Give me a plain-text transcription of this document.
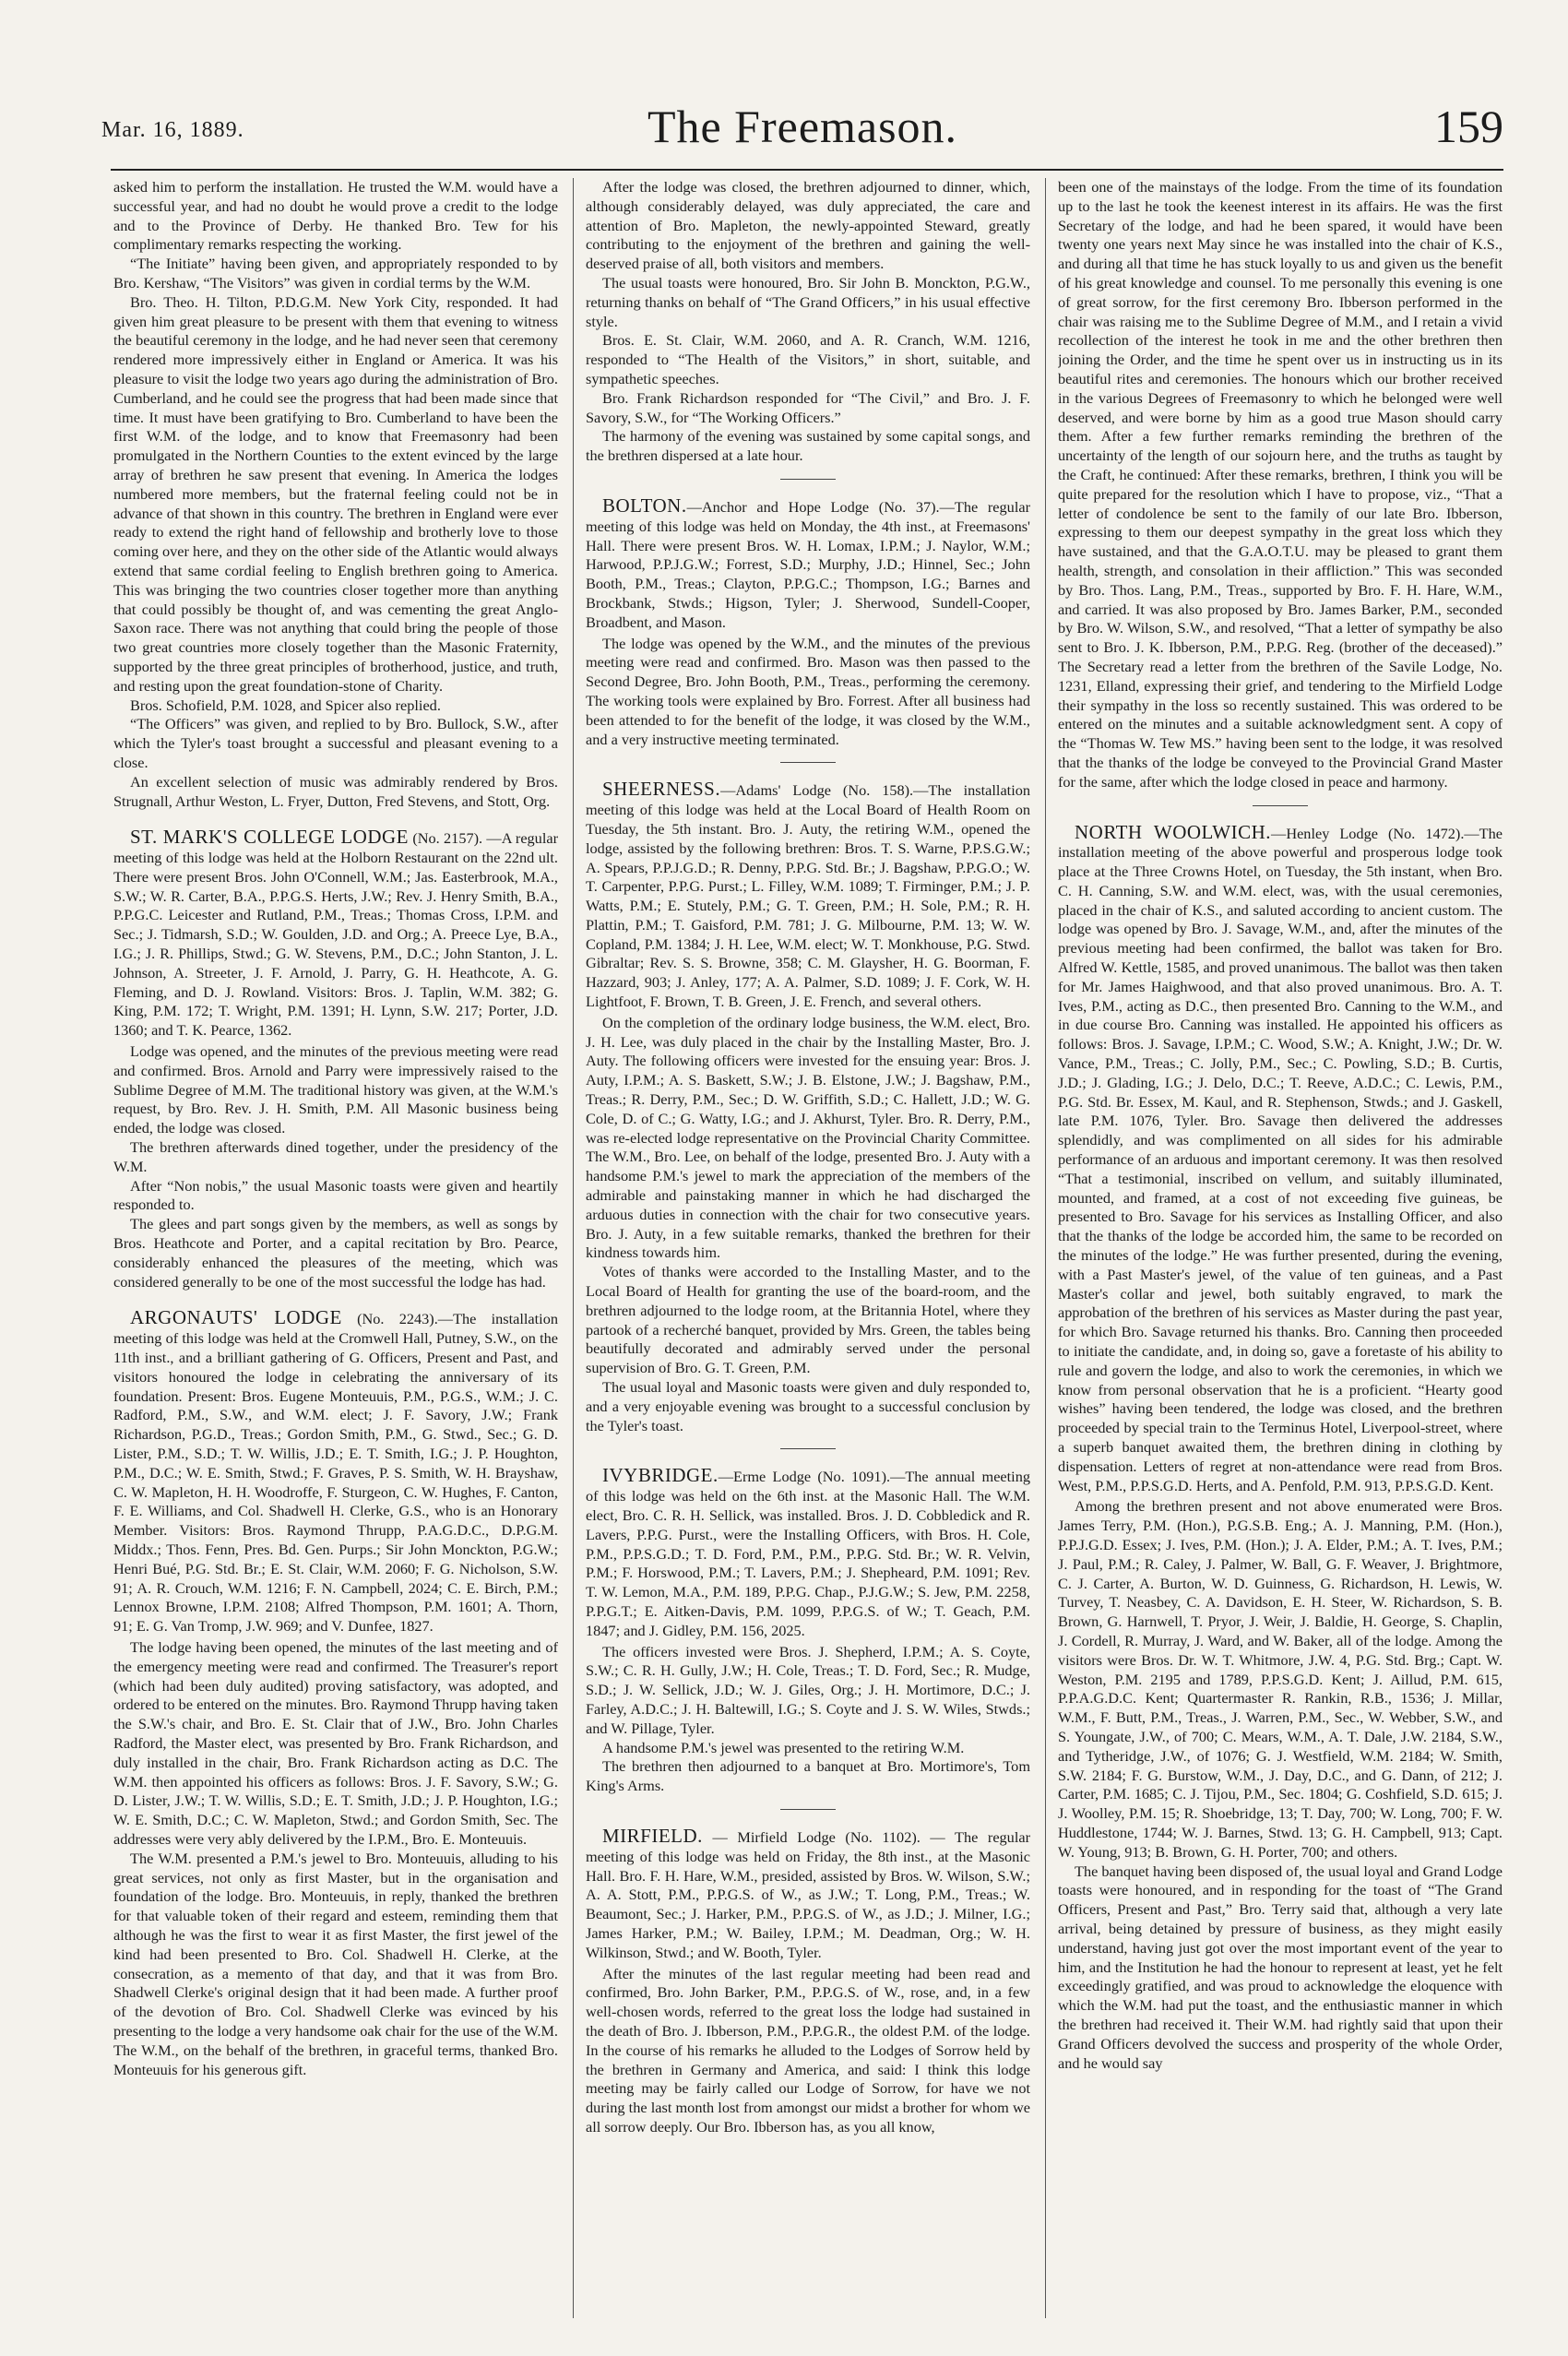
Mar. 16, 1889.	The Freemason.	159

asked him to perform the installation. He trusted the W.M. would have a successful year, and had no doubt he would prove a credit to the lodge and to the Province of Derby. He thanked Bro. Tew for his complimentary remarks respecting the working.

“The Initiate” having been given, and appropriately responded to by Bro. Kershaw, “The Visitors” was given in cordial terms by the W.M.

Bro. Theo. H. Tilton, P.D.G.M. New York City, responded. It had given him great pleasure to be present with them that evening to witness the beautiful ceremony in the lodge, and he had never seen that ceremony rendered more impressively either in England or America. It was his pleasure to visit the lodge two years ago during the administration of Bro. Cumberland, and he could see the progress that had been made since that time. It must have been gratifying to Bro. Cumberland to have been the first W.M. of the lodge, and to know that Freemasonry had been promulgated in the Northern Counties to the extent evinced by the large array of brethren he saw present that evening. In America the lodges numbered more members, but the fraternal feeling could not be in advance of that shown in this country. The brethren in England were ever ready to extend the right hand of fellowship and brotherly love to those coming over here, and they on the other side of the Atlantic would always extend that same cordial feeling to English brethren going to America. This was bringing the two countries closer together more than anything that could possibly be thought of, and was cementing the great Anglo-Saxon race. There was not anything that could bring the people of those two great countries more closely together than the Masonic Fraternity, supported by the three great principles of brotherhood, justice, and truth, and resting upon the great foundation-stone of Charity.

Bros. Schofield, P.M. 1028, and Spicer also replied.

“The Officers” was given, and replied to by Bro. Bullock, S.W., after which the Tyler's toast brought a successful and pleasant evening to a close.

An excellent selection of music was admirably rendered by Bros. Strugnall, Arthur Weston, L. Fryer, Dutton, Fred Stevens, and Stott, Org.

ST. MARK'S COLLEGE LODGE (No. 2157). —A regular meeting of this lodge was held at the Holborn Restaurant on the 22nd ult. There were present Bros. John O'Connell, W.M.; Jas. Easterbrook, M.A., S.W.; W. R. Carter, B.A., P.P.G.S. Herts, J.W.; Rev. J. Henry Smith, B.A., P.P.G.C. Leicester and Rutland, P.M., Treas.; Thomas Cross, I.P.M. and Sec.; J. Tidmarsh, S.D.; W. Goulden, J.D. and Org.; A. Preece Lye, B.A., I.G.; J. R. Phillips, Stwd.; G. W. Stevens, P.M., D.C.; John Stanton, J. L. Johnson, A. Streeter, J. F. Arnold, J. Parry, G. H. Heathcote, A. G. Fleming, and D. J. Rowland. Visitors: Bros. J. Taplin, W.M. 382; G. King, P.M. 172; T. Wright, P.M. 1391; H. Lynn, S.W. 217; Porter, J.D. 1360; and T. K. Pearce, 1362.

Lodge was opened, and the minutes of the previous meeting were read and confirmed. Bros. Arnold and Parry were impressively raised to the Sublime Degree of M.M. The traditional history was given, at the W.M.'s request, by Bro. Rev. J. H. Smith, P.M. All Masonic business being ended, the lodge was closed.

The brethren afterwards dined together, under the presidency of the W.M.

After “Non nobis,” the usual Masonic toasts were given and heartily responded to.

The glees and part songs given by the members, as well as songs by Bros. Heathcote and Porter, and a capital recitation by Bro. Pearce, considerably enhanced the pleasures of the meeting, which was considered generally to be one of the most successful the lodge has had.

ARGONAUTS' LODGE (No. 2243).—The installation meeting of this lodge was held at the Cromwell Hall, Putney, S.W., on the 11th inst., and a brilliant gathering of G. Officers, Present and Past, and visitors honoured the lodge in celebrating the anniversary of its foundation. Present: Bros. Eugene Monteuuis, P.M., P.G.S., W.M.; J. C. Radford, P.M., S.W., and W.M. elect; J. F. Savory, J.W.; Frank Richardson, P.G.D., Treas.; Gordon Smith, P.M., G. Stwd., Sec.; G. D. Lister, P.M., S.D.; T. W. Willis, J.D.; E. T. Smith, I.G.; J. P. Houghton, P.M., D.C.; W. E. Smith, Stwd.; F. Graves, P. S. Smith, W. H. Brayshaw, C. W. Mapleton, H. H. Woodroffe, F. Sturgeon, C. W. Hughes, F. Canton, F. E. Williams, and Col. Shadwell H. Clerke, G.S., who is an Honorary Member. Visitors: Bros. Raymond Thrupp, P.A.G.D.C., D.P.G.M. Middx.; Thos. Fenn, Pres. Bd. Gen. Purps.; Sir John Monckton, P.G.W.; Henri Bué, P.G. Std. Br.; E. St. Clair, W.M. 2060; F. G. Nicholson, S.W. 91; A. R. Crouch, W.M. 1216; F. N. Campbell, 2024; C. E. Birch, P.M.; Lennox Browne, I.P.M. 2108; Alfred Thompson, P.M. 1601; A. Thorn, 91; E. G. Van Tromp, J.W. 969; and V. Dunfee, 1827.

The lodge having been opened, the minutes of the last meeting and of the emergency meeting were read and confirmed. The Treasurer's report (which had been duly audited) proving satisfactory, was adopted, and ordered to be entered on the minutes. Bro. Raymond Thrupp having taken the S.W.'s chair, and Bro. E. St. Clair that of J.W., Bro. John Charles Radford, the Master elect, was presented by Bro. Frank Richardson, and duly installed in the chair, Bro. Frank Richardson acting as D.C. The W.M. then appointed his officers as follows: Bros. J. F. Savory, S.W.; G. D. Lister, J.W.; T. W. Willis, S.D.; E. T. Smith, J.D.; J. P. Houghton, I.G.; W. E. Smith, D.C.; C. W. Mapleton, Stwd.; and Gordon Smith, Sec. The addresses were very ably delivered by the I.P.M., Bro. E. Monteuuis.

The W.M. presented a P.M.'s jewel to Bro. Monteuuis, alluding to his great services, not only as first Master, but in the organisation and foundation of the lodge. Bro. Monteuuis, in reply, thanked the brethren for that valuable token of their regard and esteem, reminding them that although he was the first to wear it as first Master, the first jewel of the kind had been presented to Bro. Col. Shadwell H. Clerke, at the consecration, as a memento of that day, and that it was from Bro. Shadwell Clerke's original design that it had been made. A further proof of the devotion of Bro. Col. Shadwell Clerke was evinced by his presenting to the lodge a very handsome oak chair for the use of the W.M. The W.M., on the behalf of the brethren, in graceful terms, thanked Bro. Monteuuis for his generous gift.

After the lodge was closed, the brethren adjourned to dinner, which, although considerably delayed, was duly appreciated, the care and attention of Bro. Mapleton, the newly-appointed Steward, greatly contributing to the enjoyment of the brethren and gaining the well-deserved praise of all, both visitors and members.

The usual toasts were honoured, Bro. Sir John B. Monckton, P.G.W., returning thanks on behalf of “The Grand Officers,” in his usual effective style.

Bros. E. St. Clair, W.M. 2060, and A. R. Cranch, W.M. 1216, responded to “The Health of the Visitors,” in short, suitable, and sympathetic speeches.

Bro. Frank Richardson responded for “The Civil,” and Bro. J. F. Savory, S.W., for “The Working Officers.”

The harmony of the evening was sustained by some capital songs, and the brethren dispersed at a late hour.

BOLTON.—Anchor and Hope Lodge (No. 37).—The regular meeting of this lodge was held on Monday, the 4th inst., at Freemasons' Hall. There were present Bros. W. H. Lomax, I.P.M.; J. Naylor, W.M.; Harwood, P.P.J.G.W.; Forrest, S.D.; Murphy, J.D.; Hinnel, Sec.; John Booth, P.M., Treas.; Clayton, P.P.G.C.; Thompson, I.G.; Barnes and Brockbank, Stwds.; Higson, Tyler; J. Sherwood, Sundell-Cooper, Broadbent, and Mason.

The lodge was opened by the W.M., and the minutes of the previous meeting were read and confirmed. Bro. Mason was then passed to the Second Degree, Bro. John Booth, P.M., Treas., performing the ceremony. The working tools were explained by Bro. Forrest. After all business had been attended to for the benefit of the lodge, it was closed by the W.M., and a very instructive meeting terminated.

SHEERNESS.—Adams' Lodge (No. 158).—The installation meeting of this lodge was held at the Local Board of Health Room on Tuesday, the 5th instant. Bro. J. Auty, the retiring W.M., opened the lodge, assisted by the following brethren: Bros. T. S. Warne, P.P.S.G.W.; A. Spears, P.P.J.G.D.; R. Denny, P.P.G. Std. Br.; J. Bagshaw, P.P.G.O.; W. T. Carpenter, P.P.G. Purst.; L. Filley, W.M. 1089; T. Firminger, P.M.; J. P. Watts, P.M.; E. Stutely, P.M.; G. T. Green, P.M.; H. Sole, P.M.; R. H. Plattin, P.M.; T. Gaisford, P.M. 781; J. G. Milbourne, P.M. 13; W. W. Copland, P.M. 1384; J. H. Lee, W.M. elect; W. T. Monkhouse, P.G. Stwd. Gibraltar; Rev. S. S. Browne, 358; C. M. Glaysher, H. G. Boorman, F. Hazzard, 903; J. Anley, 177; A. A. Palmer, S.D. 1089; J. F. Cork, W. H. Lightfoot, F. Brown, T. B. Green, J. E. French, and several others.

On the completion of the ordinary lodge business, the W.M. elect, Bro. J. H. Lee, was duly placed in the chair by the Installing Master, Bro. J. Auty. The following officers were invested for the ensuing year: Bros. J. Auty, I.P.M.; A. S. Baskett, S.W.; J. B. Elstone, J.W.; J. Bagshaw, P.M., Treas.; R. Derry, P.M., Sec.; D. W. Griffith, S.D.; C. Hallett, J.D.; W. G. Cole, D. of C.; G. Watty, I.G.; and J. Akhurst, Tyler. Bro. R. Derry, P.M., was re-elected lodge representative on the Provincial Charity Committee. The W.M., Bro. Lee, on behalf of the lodge, presented Bro. J. Auty with a handsome P.M.'s jewel to mark the appreciation of the members of the admirable and painstaking manner in which he had discharged the arduous duties in connection with the chair for two consecutive years. Bro. J. Auty, in a few suitable remarks, thanked the brethren for their kindness towards him.

Votes of thanks were accorded to the Installing Master, and to the Local Board of Health for granting the use of the board-room, and the brethren adjourned to the lodge room, at the Britannia Hotel, where they partook of a recherché banquet, provided by Mrs. Green, the tables being beautifully decorated and admirably served under the personal supervision of Bro. G. T. Green, P.M.

The usual loyal and Masonic toasts were given and duly responded to, and a very enjoyable evening was brought to a successful conclusion by the Tyler's toast.

IVYBRIDGE.—Erme Lodge (No. 1091).—The annual meeting of this lodge was held on the 6th inst. at the Masonic Hall. The W.M. elect, Bro. C. R. H. Sellick, was installed. Bros. J. D. Cobbledick and R. Lavers, P.P.G. Purst., were the Installing Officers, with Bros. H. Cole, P.M., P.P.S.G.D.; T. D. Ford, P.M., P.M., P.P.G. Std. Br.; W. R. Velvin, P.M.; F. Horswood, P.M.; T. Lavers, P.M.; J. Shepheard, P.M. 1091; Rev. T. W. Lemon, M.A., P.M. 189, P.P.G. Chap., P.J.G.W.; S. Jew, P.M. 2258, P.P.G.T.; E. Aitken-Davis, P.M. 1099, P.P.G.S. of W.; T. Geach, P.M. 1847; and J. Gidley, P.M. 156, 2025.

The officers invested were Bros. J. Shepherd, I.P.M.; A. S. Coyte, S.W.; C. R. H. Gully, J.W.; H. Cole, Treas.; T. D. Ford, Sec.; R. Mudge, S.D.; J. W. Sellick, J.D.; W. J. Giles, Org.; J. H. Mortimore, D.C.; J. Farley, A.D.C.; J. H. Baltewill, I.G.; S. Coyte and J. S. W. Wiles, Stwds.; and W. Pillage, Tyler.

A handsome P.M.'s jewel was presented to the retiring W.M.

The brethren then adjourned to a banquet at Bro. Mortimore's, Tom King's Arms.

MIRFIELD. — Mirfield Lodge (No. 1102). — The regular meeting of this lodge was held on Friday, the 8th inst., at the Masonic Hall. Bro. F. H. Hare, W.M., presided, assisted by Bros. W. Wilson, S.W.; A. A. Stott, P.M., P.P.G.S. of W., as J.W.; T. Long, P.M., Treas.; W. Beaumont, Sec.; J. Harker, P.M., P.P.G.S. of W., as J.D.; J. Milner, I.G.; James Harker, P.M.; W. Bailey, I.P.M.; M. Deadman, Org.; W. H. Wilkinson, Stwd.; and W. Booth, Tyler.

After the minutes of the last regular meeting had been read and confirmed, Bro. John Barker, P.M., P.P.G.S. of W., rose, and, in a few well-chosen words, referred to the great loss the lodge had sustained in the death of Bro. J. Ibberson, P.M., P.P.G.R., the oldest P.M. of the lodge. In the course of his remarks he alluded to the Lodges of Sorrow held by the brethren in Germany and America, and said: I think this lodge meeting may be fairly called our Lodge of Sorrow, for have we not during the last month lost from amongst our midst a brother for whom we all sorrow deeply. Our Bro. Ibberson has, as you all know,

been one of the mainstays of the lodge. From the time of its foundation up to the last he took the keenest interest in its affairs. He was the first Secretary of the lodge, and had he been spared, it would have been twenty one years next May since he was installed into the chair of K.S., and during all that time he has stuck loyally to us and given us the benefit of his great knowledge and counsel. To me personally this evening is one of great sorrow, for the first ceremony Bro. Ibberson performed in the chair was raising me to the Sublime Degree of M.M., and I retain a vivid recollection of the interest he took in me and the other brethren then joining the Order, and the time he spent over us in instructing us in its beautiful rites and ceremonies. The honours which our brother received in the various Degrees of Freemasonry to which he belonged were well deserved, and were borne by him as a good true Mason should carry them. After a few further remarks reminding the brethren of the uncertainty of the length of our sojourn here, and the truths as taught by the Craft, he continued: After these remarks, brethren, I think you will be quite prepared for the resolution which I have to propose, viz., “That a letter of condolence be sent to the family of our late Bro. Ibberson, expressing to them our deepest sympathy in the great loss which they have sustained, and that the G.A.O.T.U. may be pleased to grant them health, strength, and consolation in their affliction.” This was seconded by Bro. Thos. Lang, P.M., Treas., supported by Bro. F. H. Hare, W.M., and carried. It was also proposed by Bro. James Barker, P.M., seconded by Bro. W. Wilson, S.W., and resolved, “That a letter of sympathy be also sent to Bro. J. K. Ibberson, P.M., P.P.G. Reg. (brother of the deceased).” The Secretary read a letter from the brethren of the Savile Lodge, No. 1231, Elland, expressing their grief, and tendering to the Mirfield Lodge their sympathy in the loss so recently sustained. This was ordered to be entered on the minutes and a suitable acknowledgment sent. A copy of the “Thomas W. Tew MS.” having been sent to the lodge, it was resolved that the thanks of the lodge be conveyed to the Provincial Grand Master for the same, after which the lodge closed in peace and harmony.

NORTH WOOLWICH.—Henley Lodge (No. 1472).—The installation meeting of the above powerful and prosperous lodge took place at the Three Crowns Hotel, on Tuesday, the 5th instant, when Bro. C. H. Canning, S.W. and W.M. elect, was, with the usual ceremonies, placed in the chair of K.S., and saluted according to ancient custom. The lodge was opened by Bro. J. Savage, W.M., and, after the minutes of the previous meeting had been confirmed, the ballot was taken for Bro. Alfred W. Kettle, 1585, and proved unanimous. The ballot was then taken for Mr. James Haighwood, and that also proved unanimous. Bro. A. T. Ives, P.M., acting as D.C., then presented Bro. Canning to the W.M., and in due course Bro. Canning was installed. He appointed his officers as follows: Bros. J. Savage, I.P.M.; C. Wood, S.W.; A. Knight, J.W.; Dr. W. Vance, P.M., Treas.; C. Jolly, P.M., Sec.; C. Powling, S.D.; B. Curtis, J.D.; J. Glading, I.G.; J. Delo, D.C.; T. Reeve, A.D.C.; C. Lewis, P.M., P.G. Std. Br. Essex, M. Kaul, and R. Stephenson, Stwds.; and J. Gaskell, late P.M. 1076, Tyler. Bro. Savage then delivered the addresses splendidly, and was complimented on all sides for his admirable performance of an arduous and important ceremony. It was then resolved “That a testimonial, inscribed on vellum, and suitably illuminated, mounted, and framed, at a cost of not exceeding five guineas, be presented to Bro. Savage for his services as Installing Officer, and also that the thanks of the lodge be accorded him, the same to be recorded on the minutes of the lodge.” He was further presented, during the evening, with a Past Master's jewel, of the value of ten guineas, and a Past Master's collar and jewel, both suitably engraved, to mark the approbation of the brethren of his services as Master during the past year, for which Bro. Savage returned his thanks. Bro. Canning then proceeded to initiate the candidate, and, in doing so, gave a foretaste of his ability to rule and govern the lodge, and also to work the ceremonies, in which we know from personal observation that he is a proficient. “Hearty good wishes” having been tendered, the lodge was closed, and the brethren proceeded by special train to the Terminus Hotel, Liverpool-street, where a superb banquet awaited them, the brethren dining in clothing by dispensation. Letters of regret at non-attendance were read from Bros. West, P.M., P.P.S.G.D. Herts, and A. Penfold, P.M. 913, P.P.S.G.D. Kent.

Among the brethren present and not above enumerated were Bros. James Terry, P.M. (Hon.), P.G.S.B. Eng.; A. J. Manning, P.M. (Hon.), P.P.J.G.D. Essex; J. Ives, P.M. (Hon.); J. A. Elder, P.M.; A. T. Ives, P.M.; J. Paul, P.M.; R. Caley, J. Palmer, W. Ball, G. F. Weaver, J. Brightmore, C. J. Carter, A. Burton, W. D. Guinness, G. Richardson, H. Lewis, W. Turvey, T. Neasbey, C. A. Davidson, E. H. Steer, W. Richardson, S. B. Brown, G. Harnwell, T. Pryor, J. Weir, J. Baldie, H. George, S. Chaplin, J. Cordell, R. Murray, J. Ward, and W. Baker, all of the lodge. Among the visitors were Bros. Dr. W. T. Whitmore, J.W. 4, P.G. Std. Brg.; Capt. W. Weston, P.M. 2195 and 1789, P.P.S.G.D. Kent; J. Aillud, P.M. 615, P.P.A.G.D.C. Kent; Quartermaster R. Rankin, R.B., 1536; J. Millar, W.M., F. Butt, P.M., Treas., J. Warren, P.M., Sec., W. Webber, S.W., and S. Youngate, J.W., of 700; C. Mears, W.M., A. T. Dale, J.W. 2184, S.W., and Tytheridge, J.W., of 1076; G. J. Westfield, W.M. 2184; W. Smith, S.W. 2184; F. G. Burstow, W.M., J. Day, D.C., and G. Dann, of 212; J. Carter, P.M. 1685; C. J. Tijou, P.M., Sec. 1804; G. Coshfield, S.D. 615; J. J. Woolley, P.M. 15; R. Shoebridge, 13; T. Day, 700; W. Long, 700; F. W. Huddlestone, 1744; W. J. Barnes, Stwd. 13; G. H. Campbell, 913; Capt. W. Young, 913; B. Brown, G. H. Porter, 700; and others.

The banquet having been disposed of, the usual loyal and Grand Lodge toasts were honoured, and in responding for the toast of “The Grand Officers, Present and Past,” Bro. Terry said that, although a very late arrival, being detained by pressure of business, as they might easily understand, having just got over the most important event of the year to him, and the Institution he had the honour to represent at least, yet he felt exceedingly gratified, and was proud to acknowledge the eloquence with which the W.M. had put the toast, and the enthusiastic manner in which the brethren had received it. Their W.M. had rightly said that upon their Grand Officers devolved the success and prosperity of the whole Order, and he would say
